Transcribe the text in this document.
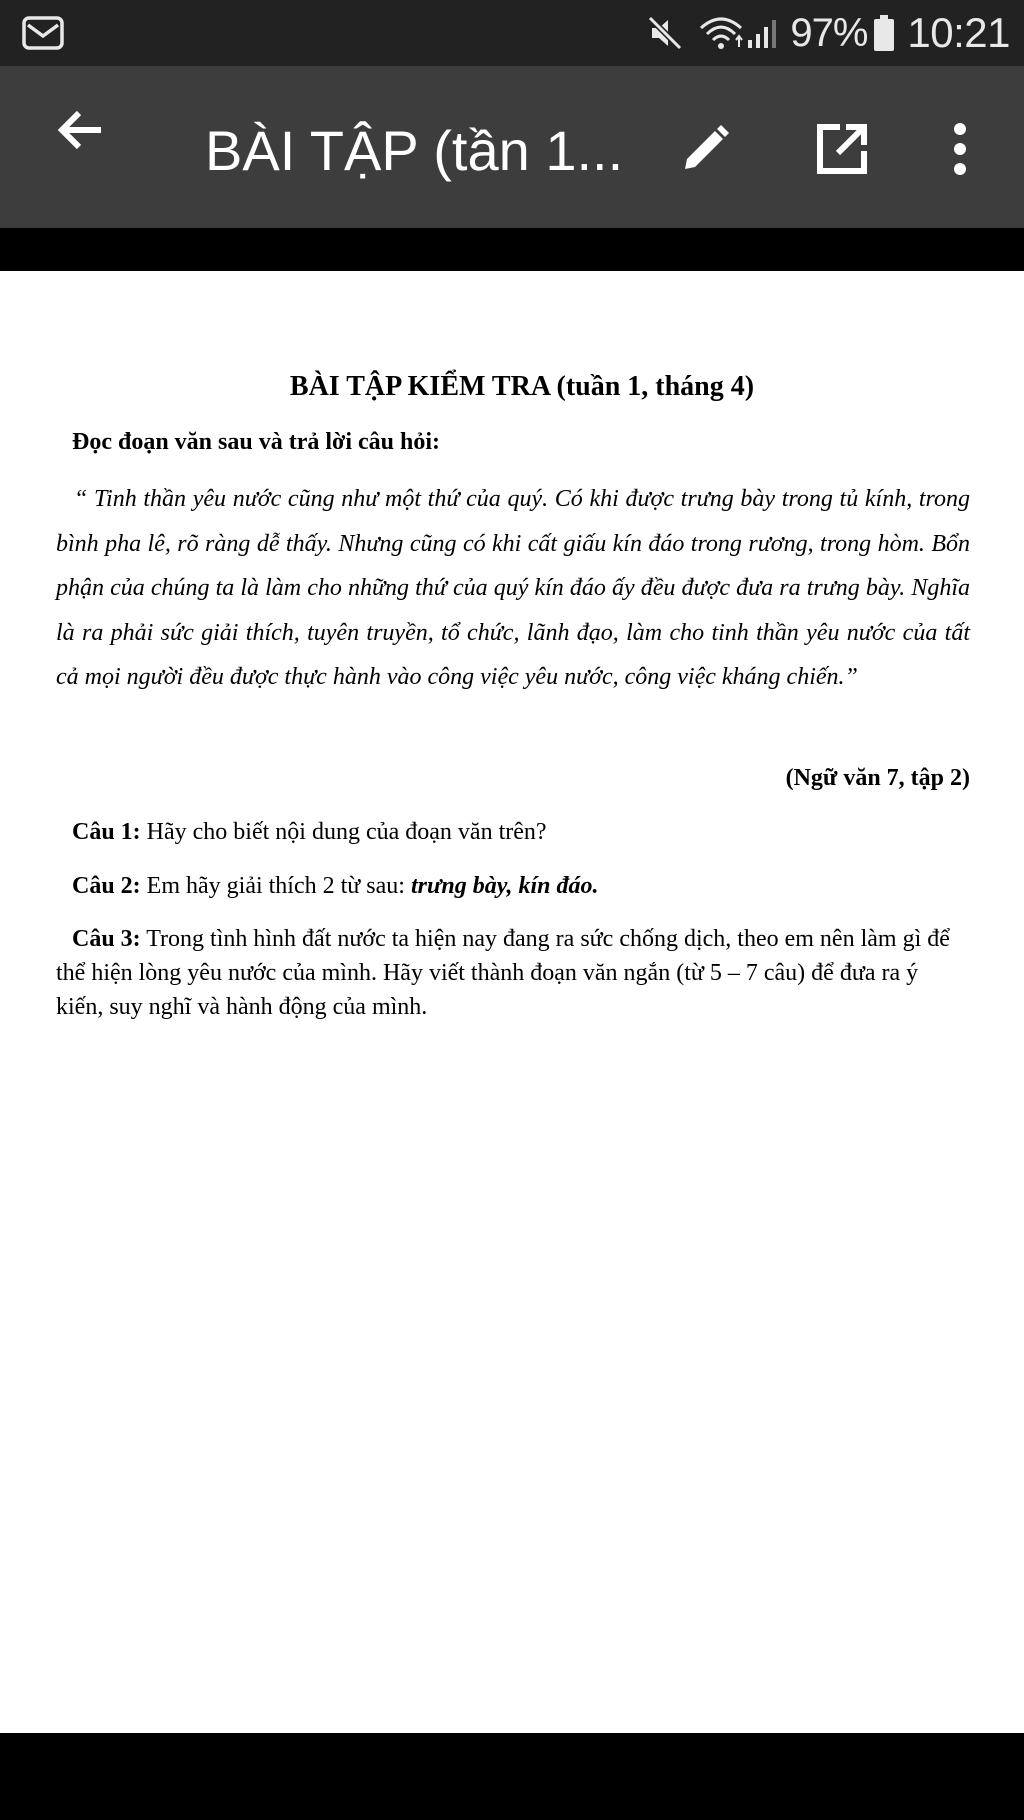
97% 10:21
BÀI TẬP (tần 1...
BÀI TẬP KIỂM TRA (tuần 1, tháng 4)
Đọc đoạn văn sau và trả lời câu hỏi:
“ Tinh thần yêu nước cũng như một thứ của quý. Có khi được trưng bày trong tủ kính, trong bình pha lê, rõ ràng dễ thấy. Nhưng cũng có khi cất giấu kín đáo trong rương, trong hòm. Bổn phận của chúng ta là làm cho những thứ của quý kín đáo ấy đều được đưa ra trưng bày. Nghĩa là ra phải sức giải thích, tuyên truyền, tổ chức, lãnh đạo, làm cho tinh thần yêu nước của tất cả mọi người đều được thực hành vào công việc yêu nước, công việc kháng chiến.”
(Ngữ văn 7, tập 2)
Câu 1: Hãy cho biết nội dung của đoạn văn trên?
Câu 2: Em hãy giải thích 2 từ sau: trưng bày, kín đáo.
Câu 3: Trong tình hình đất nước ta hiện nay đang ra sức chống dịch, theo em nên làm gì để thể hiện lòng yêu nước của mình. Hãy viết thành đoạn văn ngắn (từ 5 – 7 câu) để đưa ra ý kiến, suy nghĩ và hành động của mình.
